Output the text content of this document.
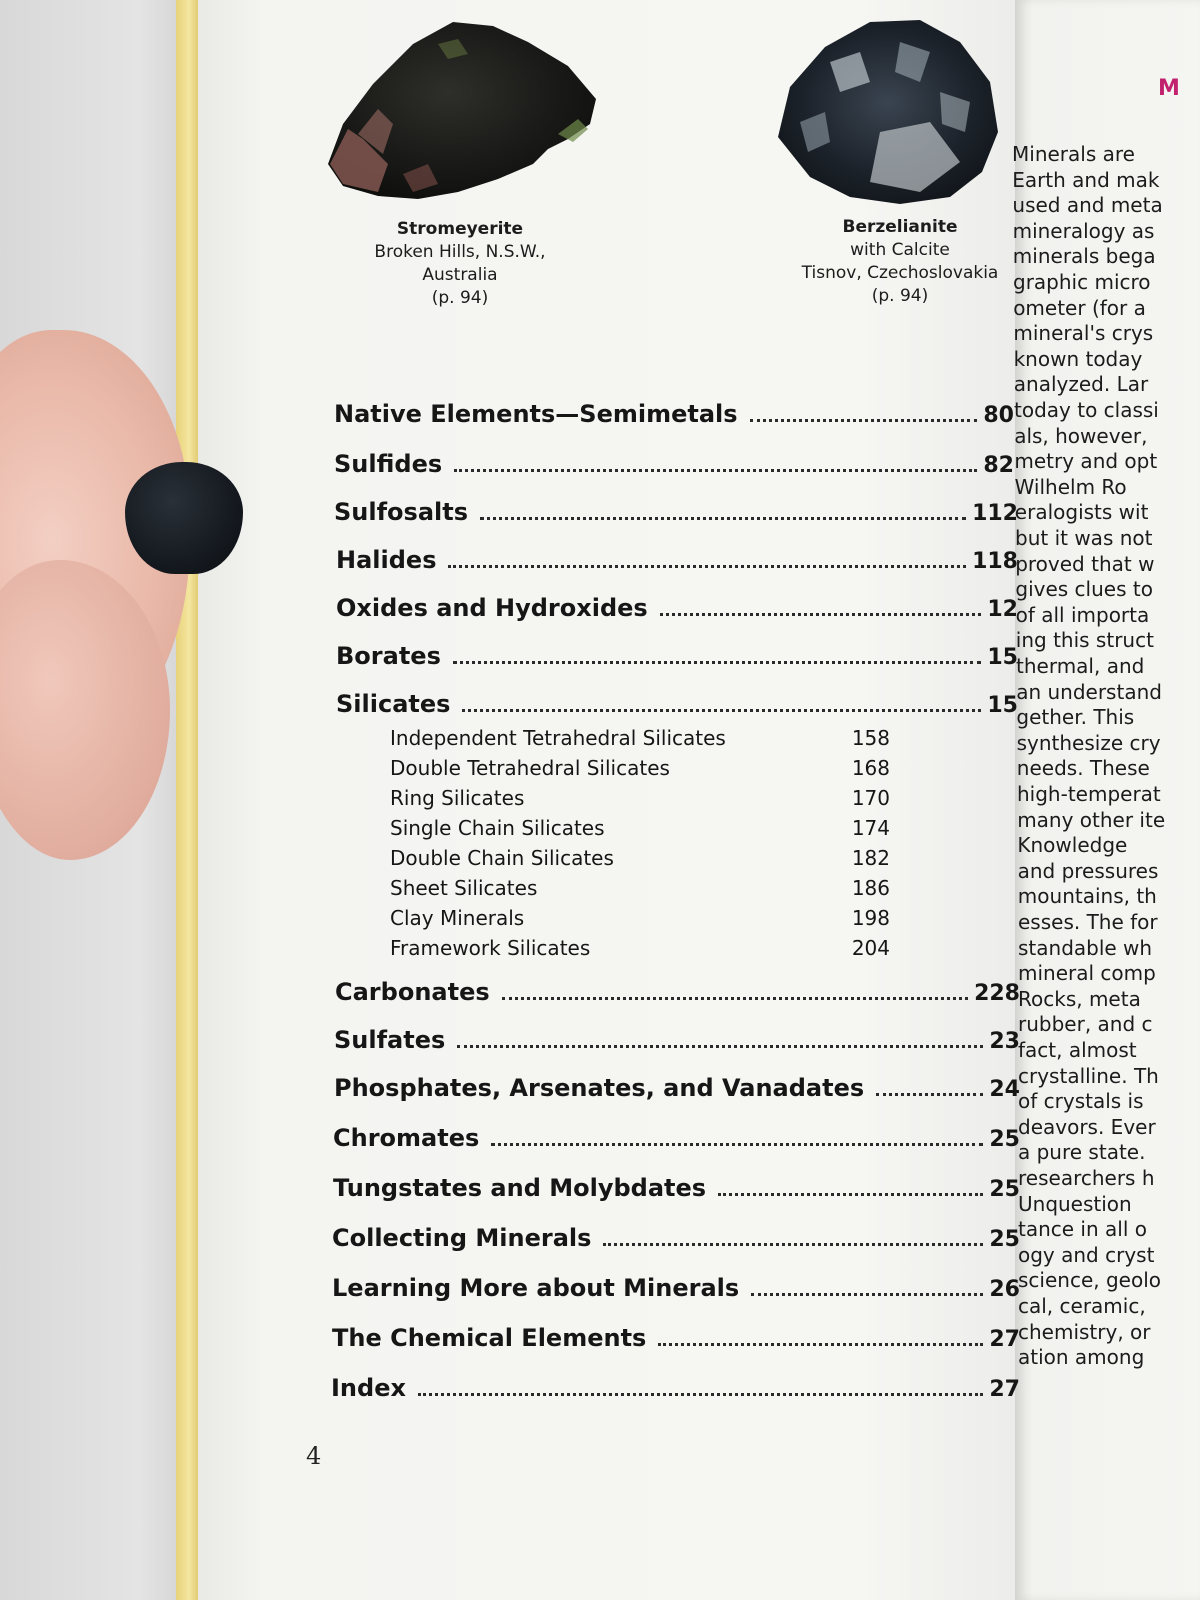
Stromeyerite
Broken Hills, N.S.W.,
Australia
(p. 94)
Berzelianite
with Calcite
Tisnov, Czechoslovakia
(p. 94)
Native Elements—Semimetals	80
Sulfides	82
Sulfosalts	112
Halides	118
Oxides and Hydroxides	12
Borates	15
Silicates	15
Independent Tetrahedral Silicates	158
Double Tetrahedral Silicates	168
Ring Silicates	170
Single Chain Silicates	174
Double Chain Silicates	182
Sheet Silicates	186
Clay Minerals	198
Framework Silicates	204
Carbonates	228
Sulfates	23
Phosphates, Arsenates, and Vanadates	24
Chromates	25
Tungstates and Molybdates	25
Collecting Minerals	25
Learning More about Minerals	26
The Chemical Elements	27
Index	27
4
M
Minerals are
Earth and mak
used and meta
mineralogy as
minerals bega
graphic micro
ometer (for a
mineral's crys
known today
analyzed. Lar
today to classi
als, however,
metry and opt
Wilhelm Ro
eralogists wit
but it was not
proved that w
gives clues to
of all importa
ing this struct
thermal, and
an understand
gether. This
synthesize cry
needs. These
high-temperat
many other ite
Knowledge
and pressures
mountains, th
esses. The for
standable wh
mineral comp
Rocks, meta
rubber, and c
fact, almost
crystalline. Th
of crystals is
deavors. Ever
a pure state.
researchers h
Unquestion
tance in all o
ogy and cryst
science, geolo
cal, ceramic,
chemistry, or
ation among
